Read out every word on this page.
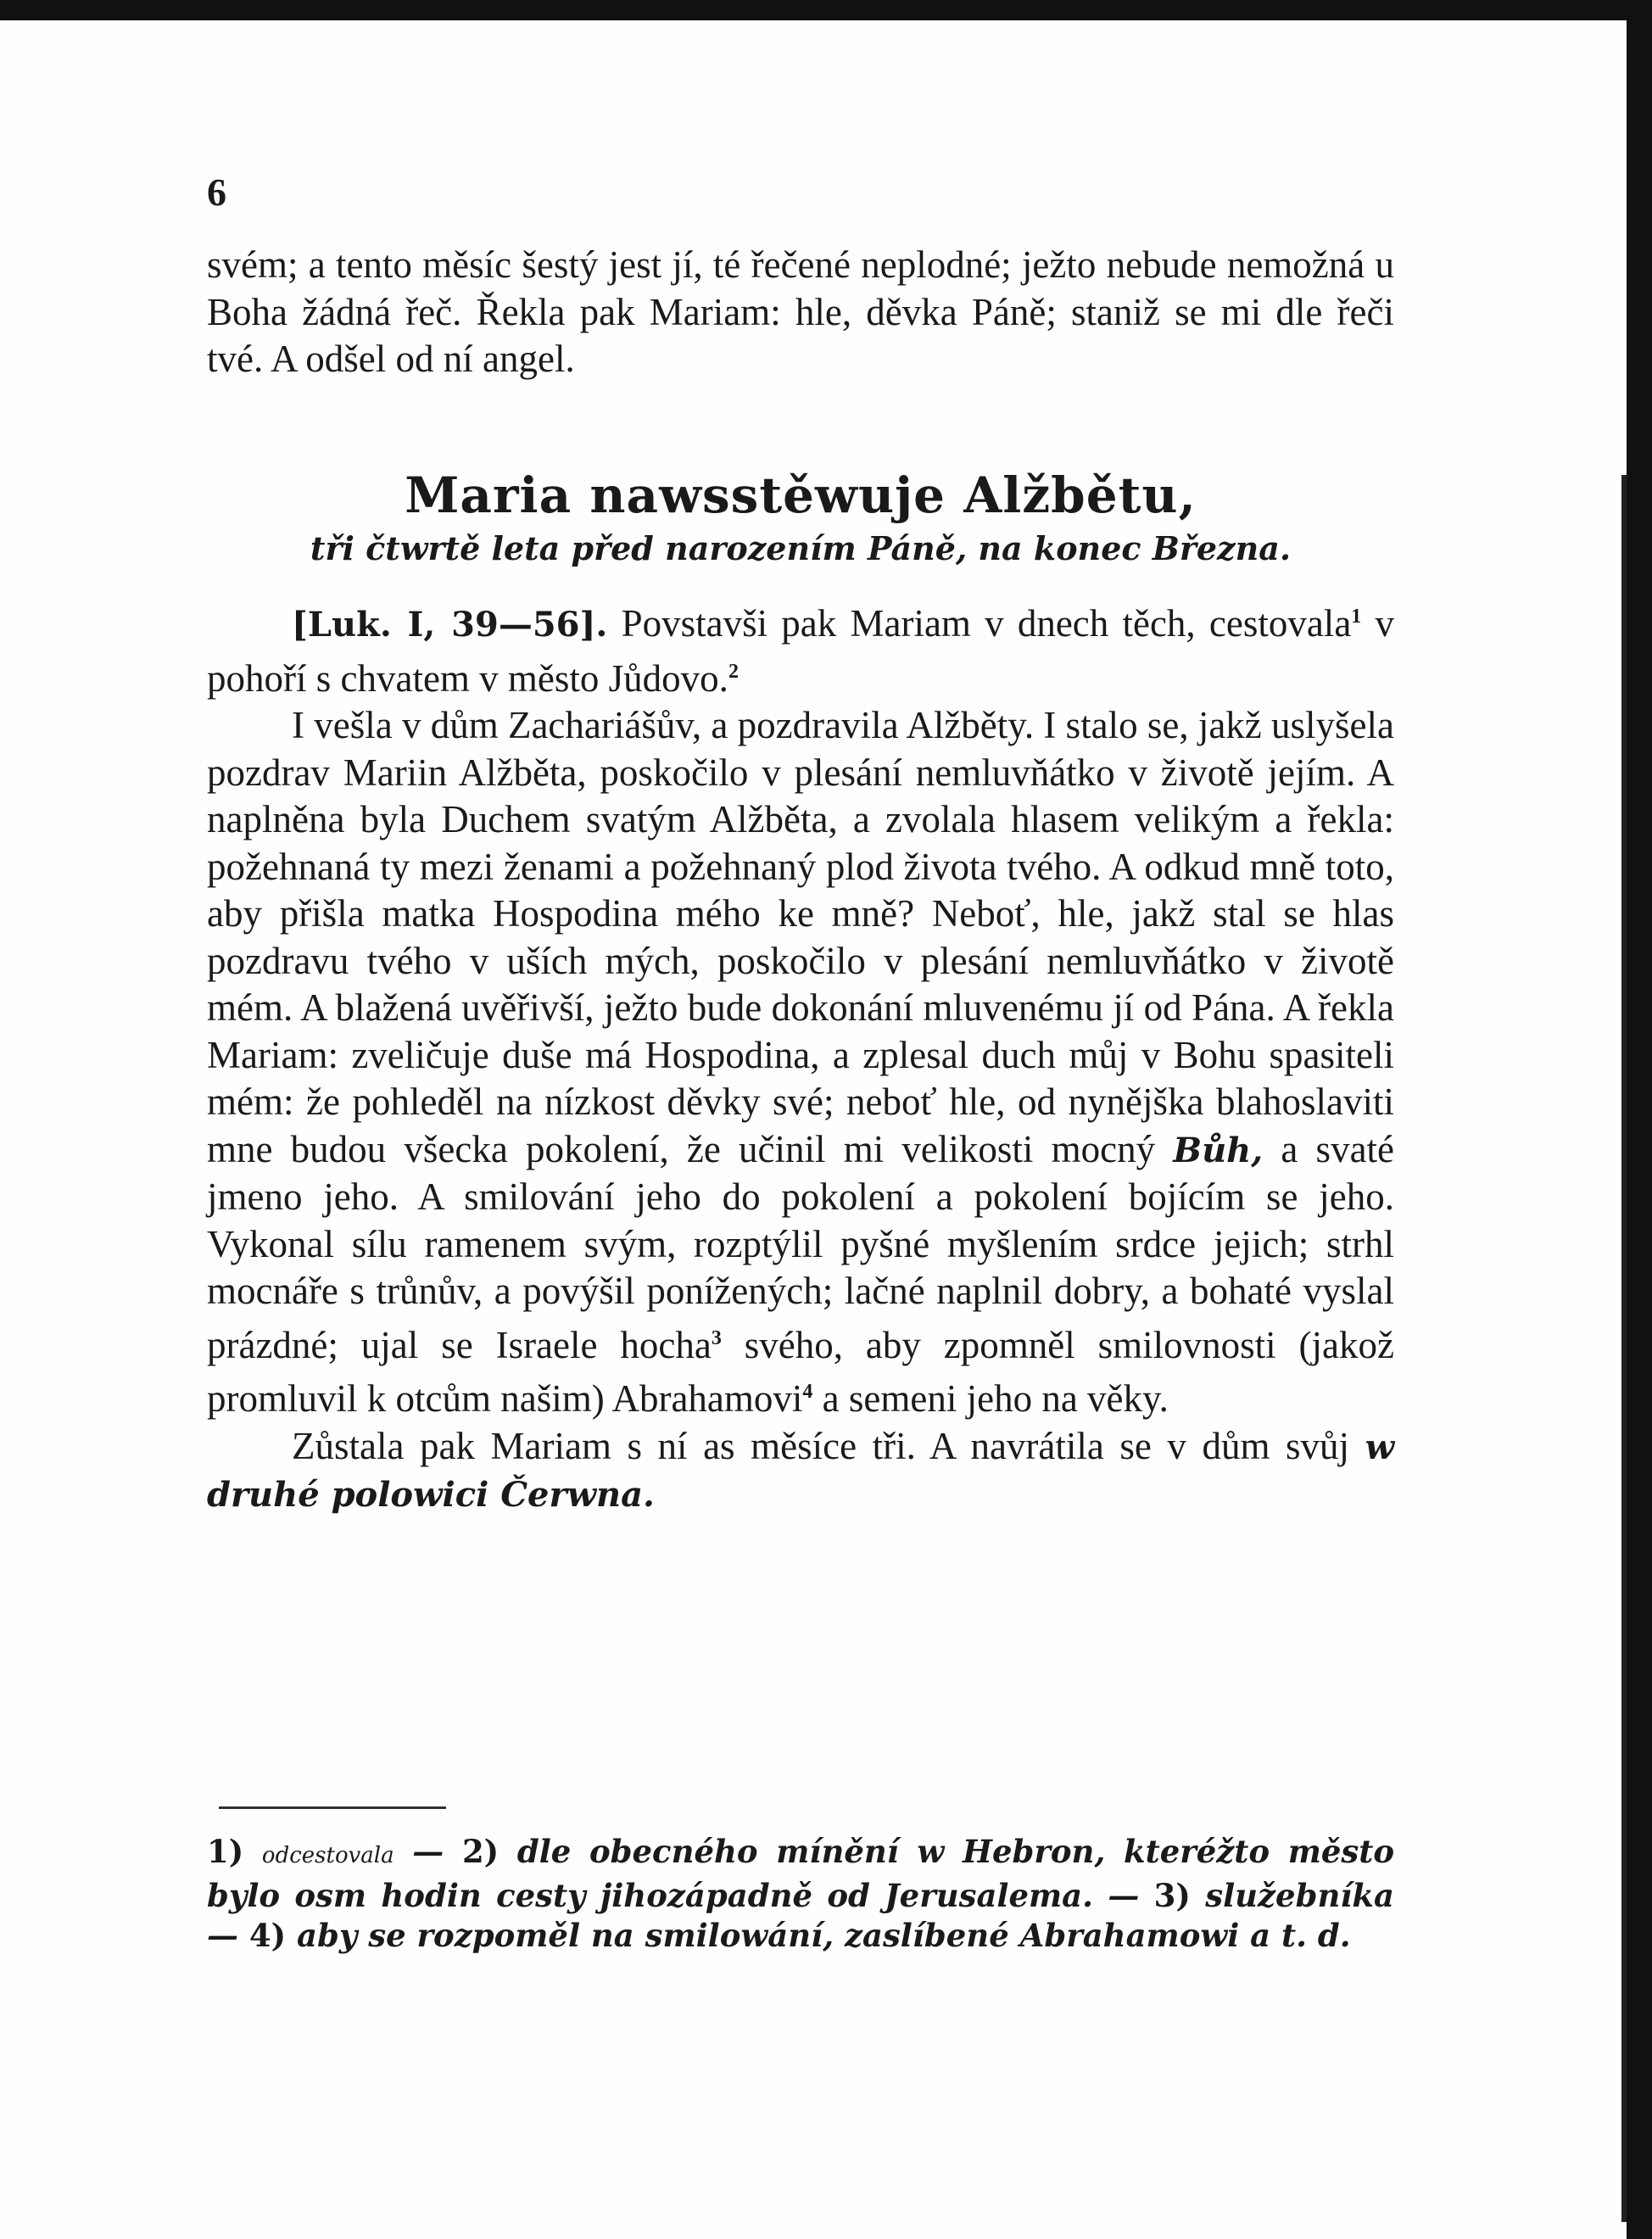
6

svém; a tento měsíc šestý jest jí, té řečené neplodné; ježto nebude nemožná u Boha žádná řeč. Řekla pak Mariam: hle, děvka Páně; staniž se mi dle řeči tvé. A odšel od ní angel.

Maria nawsstěwuje Alžbětu,
tři čtwrtě leta před narozením Páně, na konec Března.

[Luk. I, 39—56]. Povstavši pak Mariam v dnech těch, cestovala$^1$ v pohoří s chvatem v město Jůdovo.$^2$

I vešla v dům Zachariášův, a pozdravila Alžběty. I stalo se, jakž uslyšela pozdrav Mariin Alžběta, poskočilo v plesání nemluvňátko v životě jejím. A naplněna byla Duchem svatým Alžběta, a zvolala hlasem velikým a řekla: požehnaná ty mezi ženami a požehnaný plod života tvého. A odkud mně toto, aby přišla matka Hospodina mého ke mně? Neboť, hle, jakž stal se hlas pozdravu tvého v uších mých, poskočilo v plesání nemluvňátko v životě mém. A blažená uvěřivší, ježto bude dokonání mluvenému jí od Pána. A řekla Mariam: zveličuje duše má Hospodina, a zplesal duch můj v Bohu spasiteli mém: že pohleděl na nízkost děvky své; neboť hle, od nynějška blahoslaviti mne budou všecka pokolení, že učinil mi velikosti mocný Bůh, a svaté jmeno jeho. A smilování jeho do pokolení a pokolení bojícím se jeho. Vykonal sílu ramenem svým, rozptýlil pyšné myšlením srdce jejich; strhl mocnáře s trůnův, a povýšil ponížených; lačné naplnil dobry, a bohaté vyslal prázdné; ujal se Israele hocha$^3$ svého, aby zpomněl smilovnosti (jakož promluvil k otcům našim) Abrahamovi$^4$ a semeni jeho na věky.

Zůstala pak Mariam s ní as měsíce tři. A navrátila se v dům svůj w druhé polowici Čerwna.

1) odcestovala — 2) dle obecného mínění w Hebron, kteréžto město bylo osm hodin cesty jihozápadně od Jerusalema. — 3) služebníka — 4) aby se rozpoměl na smilowání, zaslíbené Abrahamowi a t. d.
